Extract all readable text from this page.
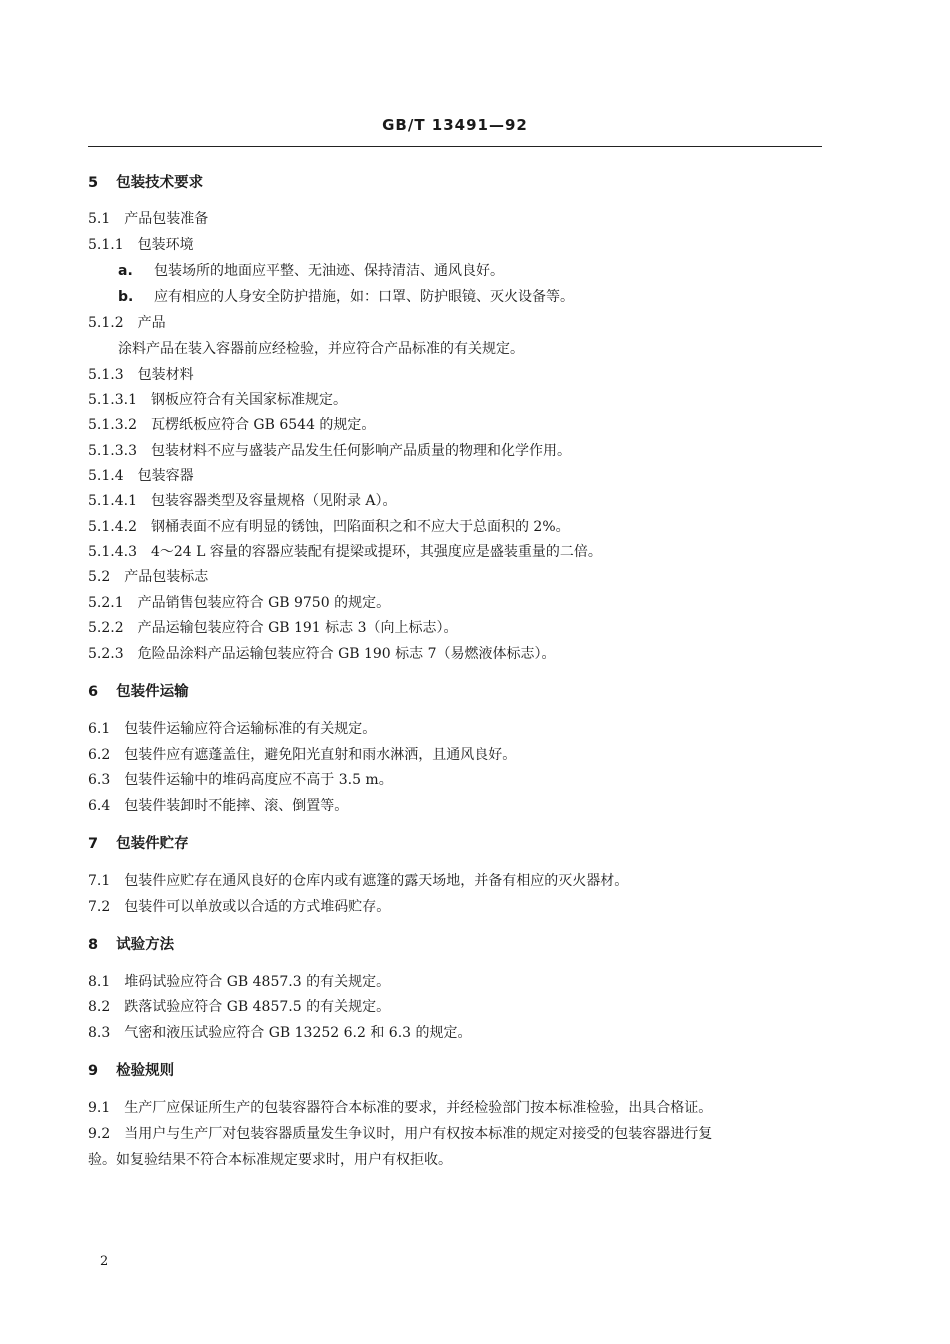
GB/T 13491—92
5 包装技术要求
5.1 产品包装准备
5.1.1 包装环境
a. 包装场所的地面应平整、无油迹、保持清洁、通风良好。
b. 应有相应的人身安全防护措施，如：口罩、防护眼镜、灭火设备等。
5.1.2 产品
涂料产品在装入容器前应经检验，并应符合产品标准的有关规定。
5.1.3 包装材料
5.1.3.1 钢板应符合有关国家标准规定。
5.1.3.2 瓦楞纸板应符合 GB 6544 的规定。
5.1.3.3 包装材料不应与盛装产品发生任何影响产品质量的物理和化学作用。
5.1.4 包装容器
5.1.4.1 包装容器类型及容量规格（见附录 A）。
5.1.4.2 钢桶表面不应有明显的锈蚀，凹陷面积之和不应大于总面积的 2%。
5.1.4.3 4～24 L 容量的容器应装配有提梁或提环，其强度应是盛装重量的二倍。
5.2 产品包装标志
5.2.1 产品销售包装应符合 GB 9750 的规定。
5.2.2 产品运输包装应符合 GB 191 标志 3（向上标志）。
5.2.3 危险品涂料产品运输包装应符合 GB 190 标志 7（易燃液体标志）。
6 包装件运输
6.1 包装件运输应符合运输标准的有关规定。
6.2 包装件应有遮蓬盖住，避免阳光直射和雨水淋洒，且通风良好。
6.3 包装件运输中的堆码高度应不高于 3.5 m。
6.4 包装件装卸时不能摔、滚、倒置等。
7 包装件贮存
7.1 包装件应贮存在通风良好的仓库内或有遮篷的露天场地，并备有相应的灭火器材。
7.2 包装件可以单放或以合适的方式堆码贮存。
8 试验方法
8.1 堆码试验应符合 GB 4857.3 的有关规定。
8.2 跌落试验应符合 GB 4857.5 的有关规定。
8.3 气密和液压试验应符合 GB 13252 6.2 和 6.3 的规定。
9 检验规则
9.1 生产厂应保证所生产的包装容器符合本标准的要求，并经检验部门按本标准检验，出具合格证。
9.2 当用户与生产厂对包装容器质量发生争议时，用户有权按本标准的规定对接受的包装容器进行复
验。如复验结果不符合本标准规定要求时，用户有权拒收。
2
